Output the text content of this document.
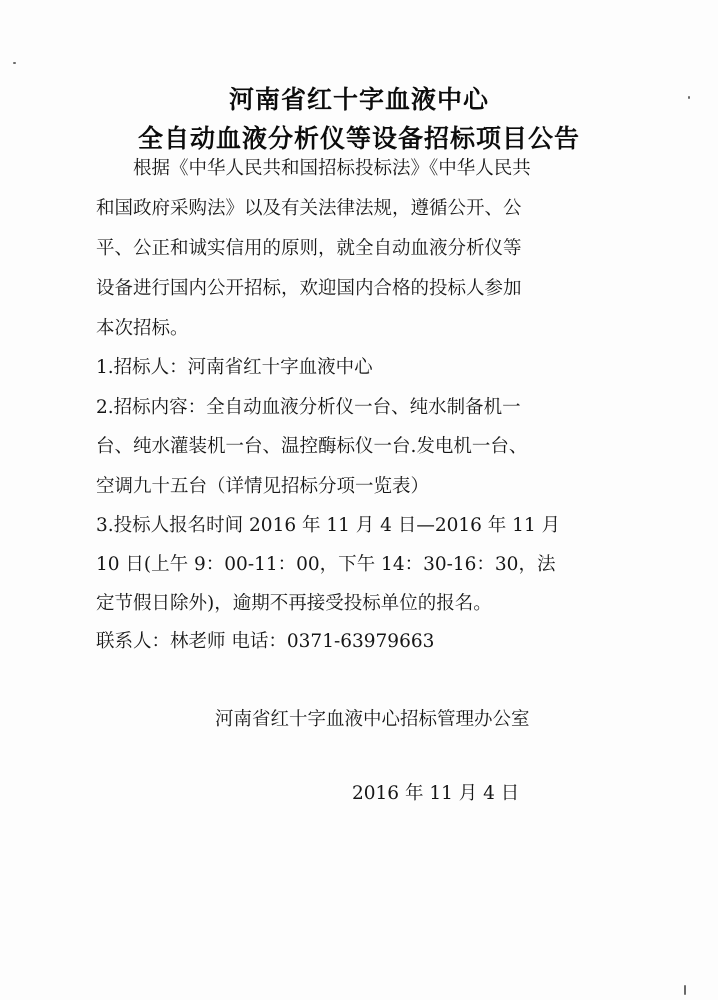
河南省红十字血液中心
全自动血液分析仪等设备招标项目公告
　　根据《中华人民共和国招标投标法》《中华人民共
和国政府采购法》以及有关法律法规，遵循公开、公
平、公正和诚实信用的原则，就全自动血液分析仪等
设备进行国内公开招标，欢迎国内合格的投标人参加
本次招标。
1.招标人：河南省红十字血液中心
2.招标内容：全自动血液分析仪一台、纯水制备机一
台、纯水灌装机一台、温控酶标仪一台.发电机一台、
空调九十五台（详情见招标分项一览表）
3.投标人报名时间 2016 年 11 月 4 日—2016 年 11 月
10 日(上午 9：00-11：00，下午 14：30-16：30，法
定节假日除外)，逾期不再接受投标单位的报名。
联系人：林老师 电话：0371-63979663
河南省红十字血液中心招标管理办公室
2016 年 11 月 4 日
